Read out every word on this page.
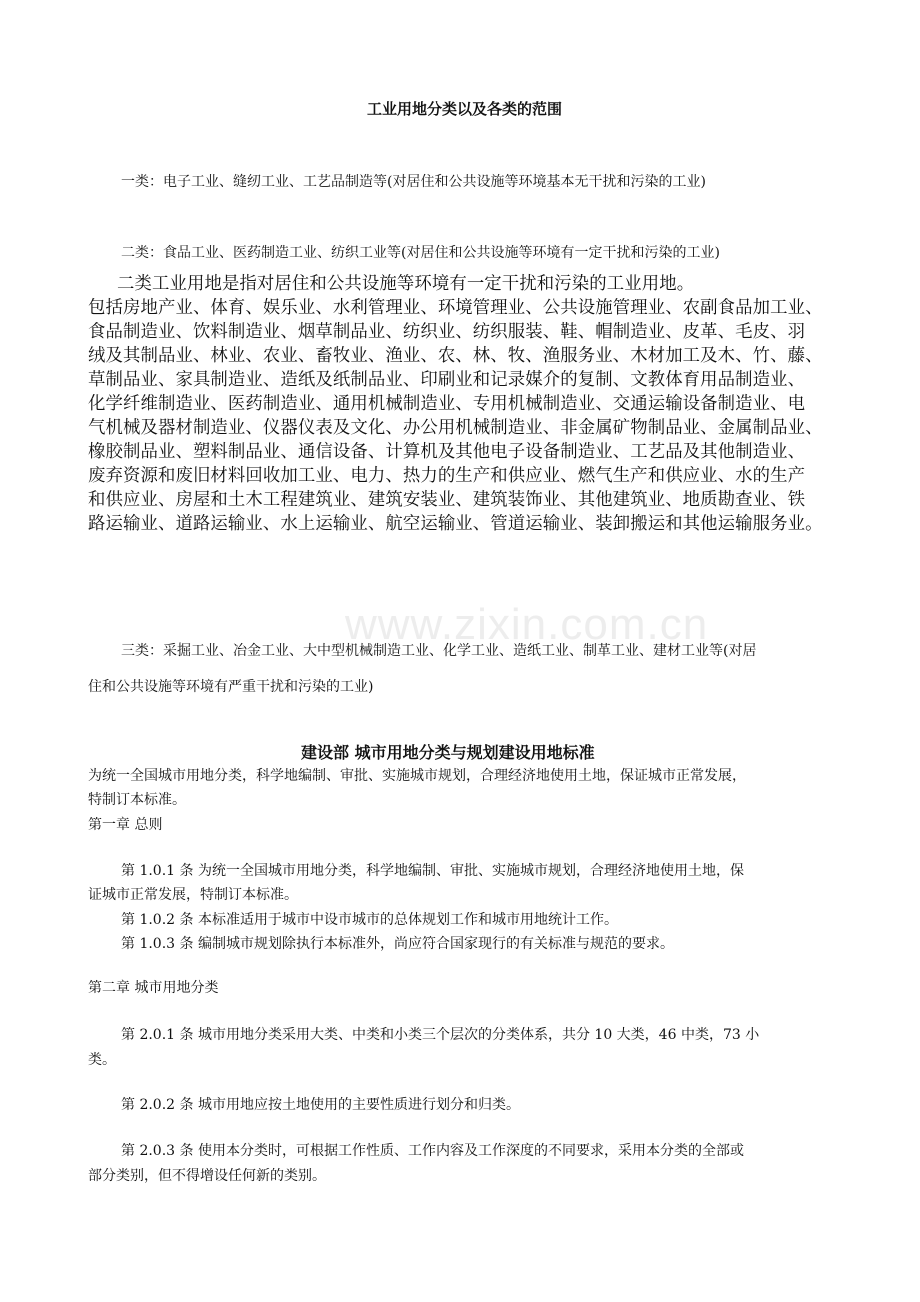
www.zixin.com.cn
工业用地分类以及各类的范围
一类：电子工业、缝纫工业、工艺品制造等(对居住和公共设施等环境基本无干扰和污染的工业)
二类：食品工业、医药制造工业、纺织工业等(对居住和公共设施等环境有一定干扰和污染的工业)
二类工业用地是指对居住和公共设施等环境有一定干扰和污染的工业用地。
包括房地产业、体育、娱乐业、水利管理业、环境管理业、公共设施管理业、农副食品加工业、
食品制造业、饮料制造业、烟草制品业、纺织业、纺织服装、鞋、帽制造业、皮革、毛皮、羽
绒及其制品业、林业、农业、畜牧业、渔业、农、林、牧、渔服务业、木材加工及木、竹、藤、
草制品业、家具制造业、造纸及纸制品业、印刷业和记录媒介的复制、文教体育用品制造业、
化学纤维制造业、医药制造业、通用机械制造业、专用机械制造业、交通运输设备制造业、电
气机械及器材制造业、仪器仪表及文化、办公用机械制造业、非金属矿物制品业、金属制品业、
橡胶制品业、塑料制品业、通信设备、计算机及其他电子设备制造业、工艺品及其他制造业、
废弃资源和废旧材料回收加工业、电力、热力的生产和供应业、燃气生产和供应业、水的生产
和供应业、房屋和土木工程建筑业、建筑安装业、建筑装饰业、其他建筑业、地质勘查业、铁
路运输业、道路运输业、水上运输业、航空运输业、管道运输业、装卸搬运和其他运输服务业。
三类：采掘工业、冶金工业、大中型机械制造工业、化学工业、造纸工业、制革工业、建材工业等(对居
住和公共设施等环境有严重干扰和污染的工业)
建设部 城市用地分类与规划建设用地标准
为统一全国城市用地分类，科学地编制、审批、实施城市规划，合理经济地使用土地，保证城市正常发展，
特制订本标准。
第一章 总则
第 1.0.1 条 为统一全国城市用地分类，科学地编制、审批、实施城市规划，合理经济地使用土地，保
证城市正常发展，特制订本标准。
第 1.0.2 条 本标准适用于城市中设市城市的总体规划工作和城市用地统计工作。
第 1.0.3 条 编制城市规划除执行本标准外，尚应符合国家现行的有关标准与规范的要求。
第二章 城市用地分类
第 2.0.1 条 城市用地分类采用大类、中类和小类三个层次的分类体系，共分 10 大类，46 中类，73 小
类。
第 2.0.2 条 城市用地应按土地使用的主要性质进行划分和归类。
第 2.0.3 条 使用本分类时，可根据工作性质、工作内容及工作深度的不同要求，采用本分类的全部或
部分类别，但不得增设任何新的类别。
